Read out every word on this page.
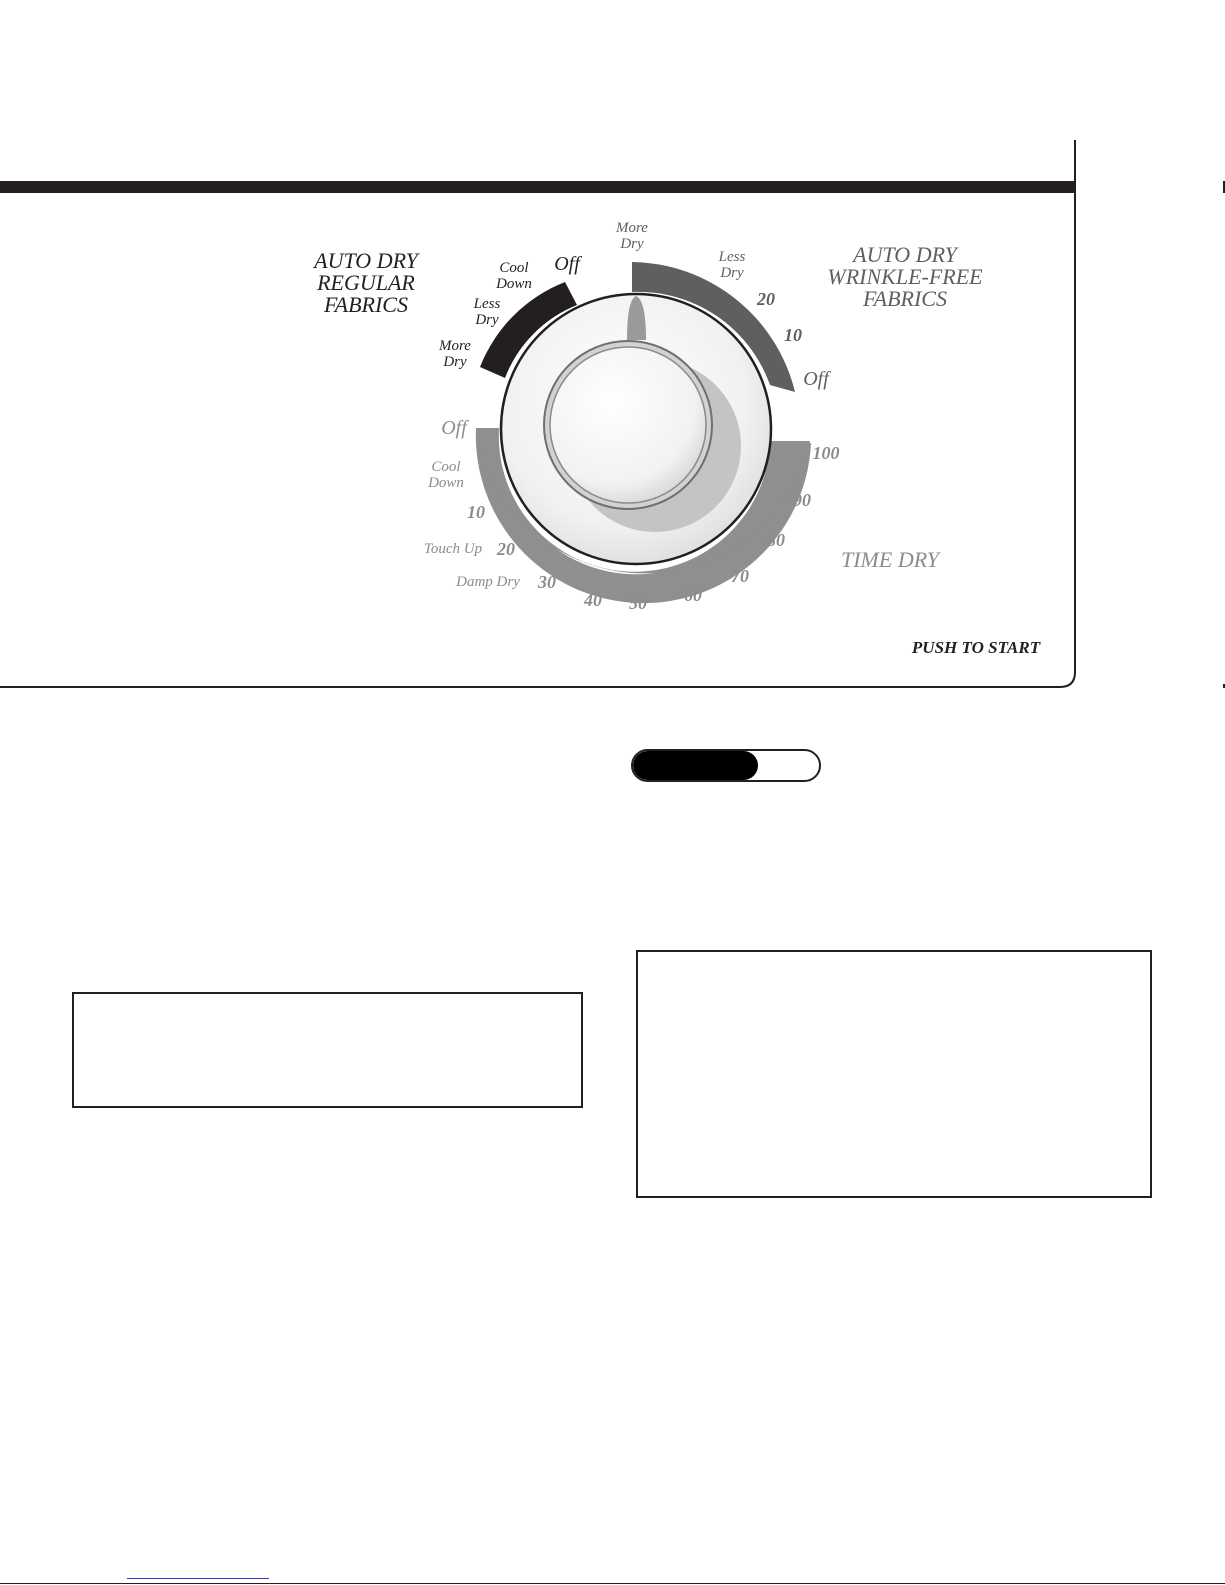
AUTO DRY
REGULAR
FABRICS
AUTO DRY
WRINKLE-FREE
FABRICS
TIME DRY
PUSH TO START
More
Dry
Less
Dry
Cool
Down
Off
More
Dry
Less
Dry
20
10
Off
Off
Cool
Down
10
Touch Up 20
Damp Dry 30
40 50 60
70
80
90
100
